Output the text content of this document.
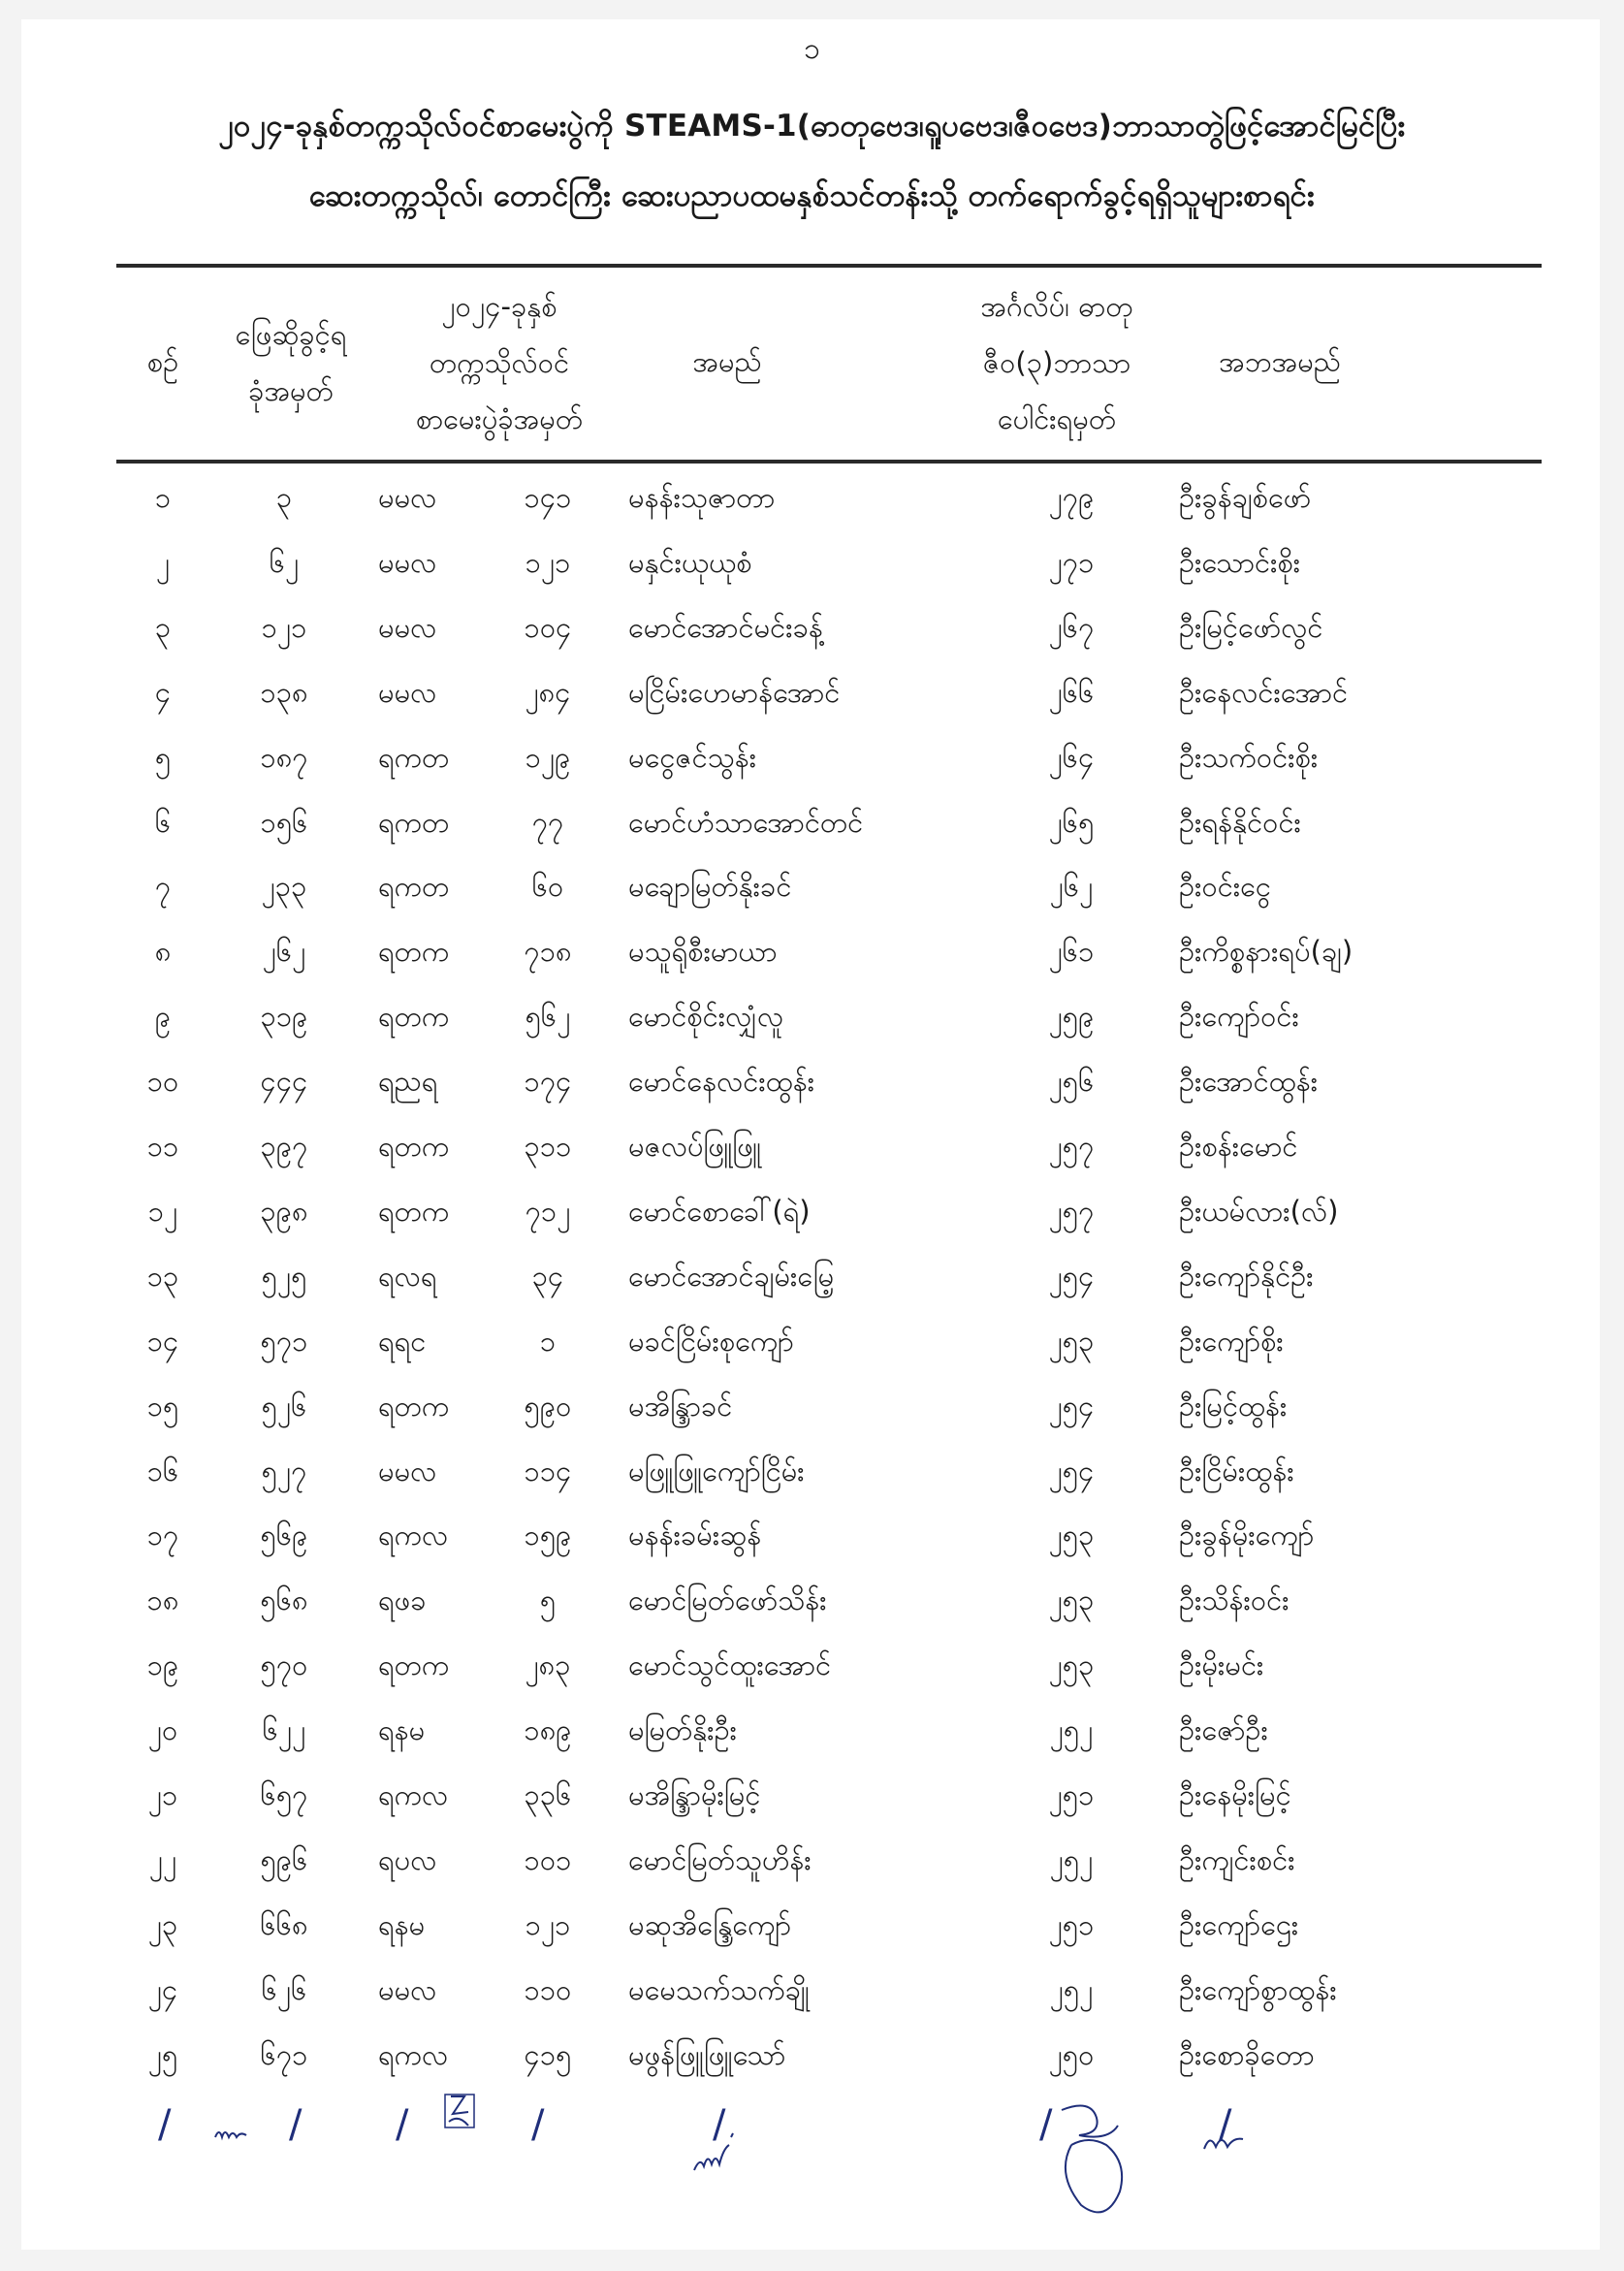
၁
၂၀၂၄-ခုနှစ်တက္ကသိုလ်ဝင်စာမေးပွဲကို STEAMS-1(ဓာတုဗေဒ၊ရူပဗေဒ၊ဇီဝဗေဒ)ဘာသာတွဲဖြင့်အောင်မြင်ပြီး
ဆေးတက္ကသိုလ်၊ တောင်ကြီး ဆေးပညာပထမနှစ်သင်တန်းသို့ တက်ရောက်ခွင့်ရရှိသူများစာရင်း
စဉ်
ဖြေဆိုခွင့်ရ
ခုံအမှတ်
၂၀၂၄-ခုနှစ်
တက္ကသိုလ်ဝင်
စာမေးပွဲခုံအမှတ်
အမည်
အင်္ဂလိပ်၊ ဓာတု
ဇီဝ(၃)ဘာသာ
ပေါင်းရမှတ်
အဘအမည်
၁	၃	မမလ	၁၄၁	မနန်းသုဇာတာ	၂၇၉	ဦးခွန်ချစ်ဖော်
၂	၆၂	မမလ	၁၂၁	မနှင်းယုယုစံ	၂၇၁	ဦးသောင်းစိုး
၃	၁၂၁	မမလ	၁၀၄	မောင်အောင်မင်းခန့်	၂၆၇	ဦးမြင့်ဖော်လွင်
၄	၁၃၈	မမလ	၂၈၄	မငြိမ်းဟေမာန်အောင်	၂၆၆	ဦးနေလင်းအောင်
၅	၁၈၇	ရကတ	၁၂၉	မငွေဇင်သွန်း	၂၆၄	ဦးသက်ဝင်းစိုး
၆	၁၅၆	ရကတ	၇၇	မောင်ဟံသာအောင်တင်	၂၆၅	ဦးရန်နိုင်ဝင်း
၇	၂၃၃	ရကတ	၆၀	မချောမြတ်နိုးခင်	၂၆၂	ဦးဝင်းငွေ
၈	၂၆၂	ရတက	၇၁၈	မသူရိုစီးမာယာ	၂၆၁	ဦးကိစ္စနားရပ်(ချ)
၉	၃၁၉	ရတက	၅၆၂	မောင်စိုင်းလျှံလူ	၂၅၉	ဦးကျော်ဝင်း
၁၀	၄၄၄	ရညရ	၁၇၄	မောင်နေလင်းထွန်း	၂၅၆	ဦးအောင်ထွန်း
၁၁	၃၉၇	ရတက	၃၁၁	မဇလပ်ဖြူဖြူ	၂၅၇	ဦးစန်းမောင်
၁၂	၃၉၈	ရတက	၇၁၂	မောင်စောခေါ်(ရဲ)	၂၅၇	ဦးယမ်လား(လ်)
၁၃	၅၂၅	ရလရ	၃၄	မောင်အောင်ချမ်းမြေ့	၂၅၄	ဦးကျော်နိုင်ဦး
၁၄	၅၇၁	ရရင	၁	မခင်ငြိမ်းစုကျော်	၂၅၃	ဦးကျော်စိုး
၁၅	၅၂၆	ရတက	၅၉၀	မအိန္ဒြာခင်	၂၅၄	ဦးမြင့်ထွန်း
၁၆	၅၂၇	မမလ	၁၁၄	မဖြူဖြူကျော်ငြိမ်း	၂၅၄	ဦးငြိမ်းထွန်း
၁၇	၅၆၉	ရကလ	၁၅၉	မနန်းခမ်းဆွန်	၂၅၃	ဦးခွန်မိုးကျော်
၁၈	၅၆၈	ရဖခ	၅	မောင်မြတ်ဖော်သိန်း	၂၅၃	ဦးသိန်းဝင်း
၁၉	၅၇၀	ရတက	၂၈၃	မောင်သွင်ထူးအောင်	၂၅၃	ဦးမိုးမင်း
၂၀	၆၂၂	ရနမ	၁၈၉	မမြတ်နိုးဦး	၂၅၂	ဦးဇော်ဦး
၂၁	၆၅၇	ရကလ	၃၃၆	မအိန္ဒြာမိုးမြင့်	၂၅၁	ဦးနေမိုးမြင့်
၂၂	၅၉၆	ရပလ	၁၀၁	မောင်မြတ်သူဟိန်း	၂၅၂	ဦးကျင်းစင်း
၂၃	၆၆၈	ရနမ	၁၂၁	မဆုအိန္ဒြေကျော်	၂၅၁	ဦးကျော်ဌေး
၂၄	၆၂၆	မမလ	၁၁၀	မမေသက်သက်ချို	၂၅၂	ဦးကျော်စွာထွန်း
၂၅	၆၇၁	ရကလ	၄၁၅	မဖွန်ဖြူဖြူသော်	၂၅၀	ဦးစောခိုတော
/	/ /	/	/	/	/
